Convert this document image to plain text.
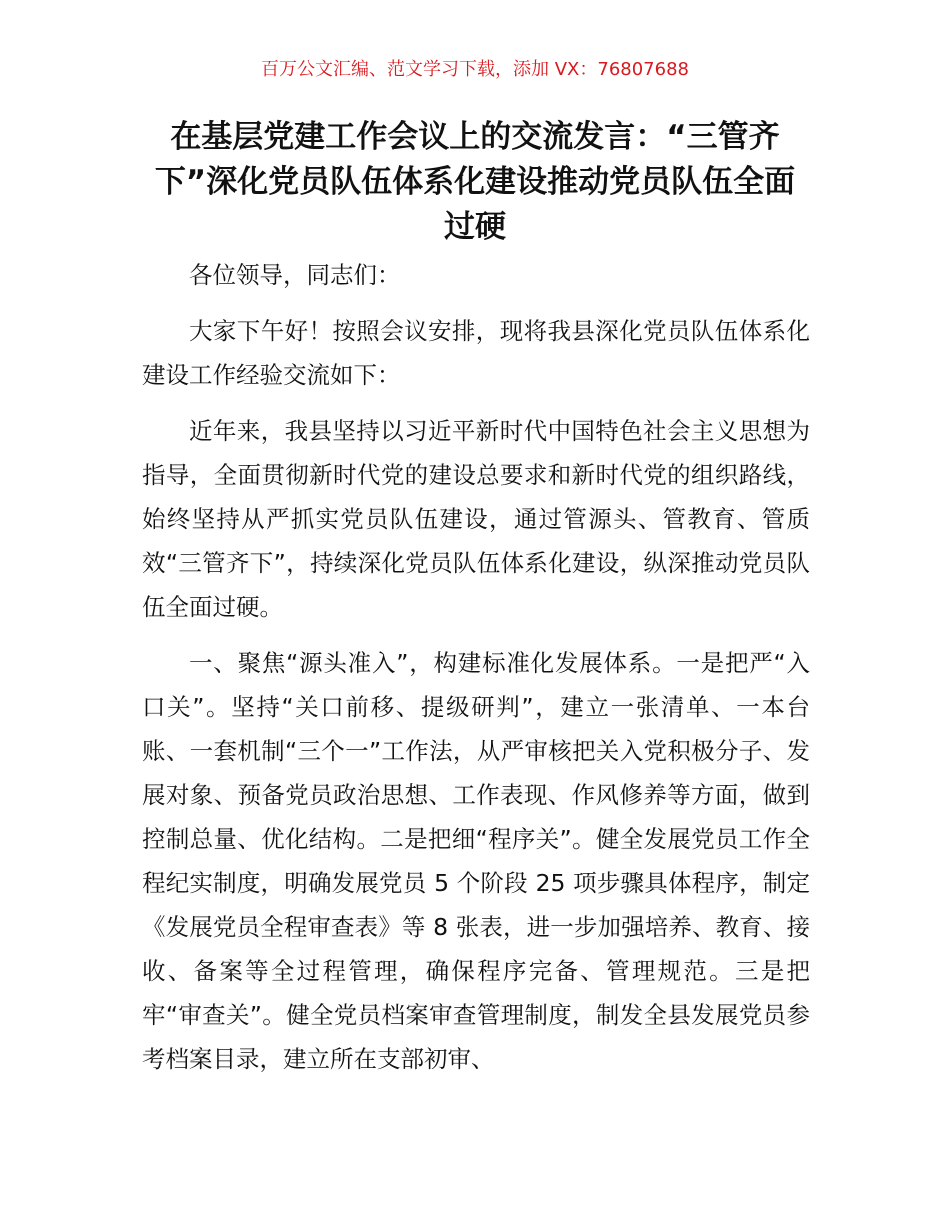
百万公文汇编、范文学习下载，添加 VX：76807688
在基层党建工作会议上的交流发言：“三管齐下”深化党员队伍体系化建设推动党员队伍全面过硬

各位领导，同志们：

大家下午好！按照会议安排，现将我县深化党员队伍体系化建设工作经验交流如下：

近年来，我县坚持以习近平新时代中国特色社会主义思想为指导，全面贯彻新时代党的建设总要求和新时代党的组织路线，始终坚持从严抓实党员队伍建设，通过管源头、管教育、管质效“三管齐下”，持续深化党员队伍体系化建设，纵深推动党员队伍全面过硬。

一、聚焦“源头准入”，构建标准化发展体系。一是把严“入口关”。坚持“关口前移、提级研判”，建立一张清单、一本台账、一套机制“三个一”工作法，从严审核把关入党积极分子、发展对象、预备党员政治思想、工作表现、作风修养等方面，做到控制总量、优化结构。二是把细“程序关”。健全发展党员工作全程纪实制度，明确发展党员 5 个阶段 25 项步骤具体程序，制定《发展党员全程审查表》等 8 张表，进一步加强培养、教育、接收、备案等全过程管理，确保程序完备、管理规范。三是把牢“审查关”。健全党员档案审查管理制度，制发全县发展党员参考档案目录，建立所在支部初审、
